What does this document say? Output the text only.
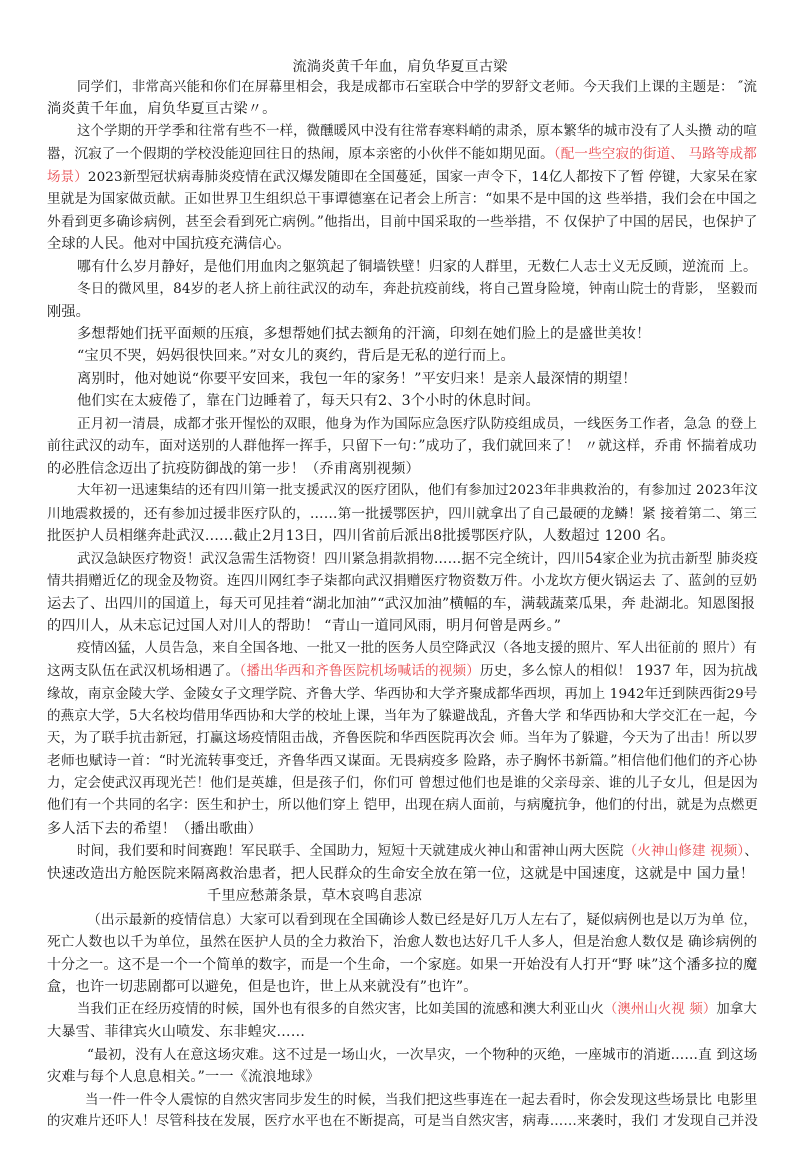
流淌炎黄千年血，肩负华夏亘古梁
同学们，非常高兴能和你们在屏幕里相会，我是成都市石室联合中学的罗舒文老师。今天我们上课的主题是： ″流
淌炎黄千年血，肩负华夏亘古梁〃。
这个学期的开学季和往常有些不一样，微醺暖风中没有往常春寒料峭的肃杀，原本繁华的城市没有了人头攒 动的喧
嚣，沉寂了一个假期的学校没能迎回往日的热闹，原本亲密的小伙伴不能如期见面。（配一些空寂的街道、 马路等成都
场景）2023新型冠状病毒肺炎疫情在武汉爆发随即在全国蔓延，国家一声令下，14亿人都按下了暂 停键，大家呆在家
里就是为国家做贡献。正如世界卫生组织总干事谭德塞在记者会上所言：“如果不是中国的这 些举措，我们会在中国之
外看到更多确诊病例，甚至会看到死亡病例。”他指出，目前中国采取的一些举措，不 仅保护了中国的居民，也保护了
全球的人民。他对中国抗疫充满信心。
哪有什么岁月静好，是他们用血肉之躯筑起了铜墙铁壁！归家的人群里，无数仁人志士义无反顾，逆流而 上。
冬日的微风里，84岁的老人挤上前往武汉的动车，奔赴抗疫前线，将自己置身险境，钟南山院士的背影， 坚毅而
刚强。
多想帮她们抚平面颊的压痕，多想帮她们拭去额角的汗滴，印刻在她们脸上的是盛世美妆！
“宝贝不哭，妈妈很快回来。”对女儿的爽约，背后是无私的逆行而上。
离别时，他对她说“你要平安回来，我包一年的家务！”平安归来！是亲人最深情的期望！
他们实在太疲倦了，靠在门边睡着了，每天只有2、3个小时的休息时间。
正月初一清晨，成都才张开惺忪的双眼，他身为作为国际应急医疗队防疫组成员，一线医务工作者，急急 的登上
前往武汉的动车，面对送别的人群他挥一挥手，只留下一句：”成功了，我们就回来了！ 〃就这样，乔甫 怀揣着成功
的必胜信念迈出了抗疫防御战的第一步！（乔甫离别视频）
大年初一迅速集结的还有四川第一批支援武汉的医疗团队，他们有参加过2023年非典救治的，有参加过 2023年汶
川地震救援的，还有参加过援非医疗队的，……第一批援鄂医护，四川就拿出了自己最硬的龙鳞！紧 接着第二、第三
批医护人员相继奔赴武汉……截止2月13日，四川省前后派出8批援鄂医疗队，人数超过 1200 名。
武汉急缺医疗物资！武汉急需生活物资！四川紧急捐款捐物……据不完全统计，四川54家企业为抗击新型 肺炎疫
情共捐赠近亿的现金及物资。连四川网红李子柒都向武汉捐赠医疗物资数万件。小龙坎方便火锅运去 了、蓝剑的豆奶
运去了、出四川的国道上，每天可见挂着“湖北加油”“武汉加油”横幅的车，满载蔬菜瓜果，奔 赴湖北。知恩图报
的四川人，从未忘记过国人对川人的帮助！ “青山一道同风雨，明月何曾是两乡。”
疫情凶猛，人员告急，来自全国各地、一批又一批的医务人员空降武汉（各地支援的照片、军人出征前的 照片）有
这两支队伍在武汉机场相遇了。（播出华西和齐鲁医院机场喊话的视频）历史，多么惊人的相似！ 1937 年，因为抗战
缘故，南京金陵大学、金陵女子文理学院、齐鲁大学、华西协和大学齐聚成都华西坝，再加上 1942年迁到陕西街29号
的燕京大学，5大名校均借用华西协和大学的校址上课，当年为了躲避战乱，齐鲁大学 和华西协和大学交汇在一起，今
天，为了联手抗击新冠，打赢这场疫情阻击战，齐鲁医院和华西医院再次会 师。当年为了躲避，今天为了出击！所以罗
老师也赋诗一首：“时光流转事变迁，齐鲁华西又谋面。无畏病疫多 险路，赤子胸怀书新篇。”相信他们他们的齐心协
力，定会使武汉再现光芒！他们是英雄，但是孩子们，你们可 曾想过他们也是谁的父亲母亲、谁的儿子女儿，但是因为
他们有一个共同的名字：医生和护士，所以他们穿上 铠甲，出现在病人面前，与病魔抗争，他们的付出，就是为点燃更
多人活下去的希望！（播出歌曲）
时间，我们要和时间赛跑！军民联手、全国助力，短短十天就建成火神山和雷神山两大医院（火神山修建 视频）、
快速改造出方舱医院来隔离救治患者，把人民群众的生命安全放在第一位，这就是中国速度，这就是中 国力量！
千里应愁萧条景，草木哀鸣自悲凉
（出示最新的疫情信息）大家可以看到现在全国确诊人数已经是好几万人左右了，疑似病例也是以万为单 位，
死亡人数也以千为单位，虽然在医护人员的全力救治下，治愈人数也达好几千人多人，但是治愈人数仅是 确诊病例的
十分之一。这不是一个一个简单的数字，而是一个生命，一个家庭。如果一开始没有人打开“野 味”这个潘多拉的魔
盒，也许一切悲剧都可以避免，但是也许，世上从来就没有”也许”。
当我们正在经历疫情的时候，国外也有很多的自然灾害，比如美国的流感和澳大利亚山火（澳州山火视 频）加拿大
大暴雪、菲律宾火山喷发、东非蝗灾……
“最初，没有人在意这场灾难。这不过是一场山火，一次旱灾，一个物种的灭绝，一座城市的消逝……直 到这场
灾难与每个人息息相关。”一一《流浪地球》
当一件一件令人震惊的自然灾害同步发生的时候，当我们把这些事连在一起去看时，你会发现这些场景比 电影里
的灾难片还吓人！尽管科技在发展，医疗水平也在不断提高，可是当自然灾害，病毒……来袭时，我们 才发现自己并没
